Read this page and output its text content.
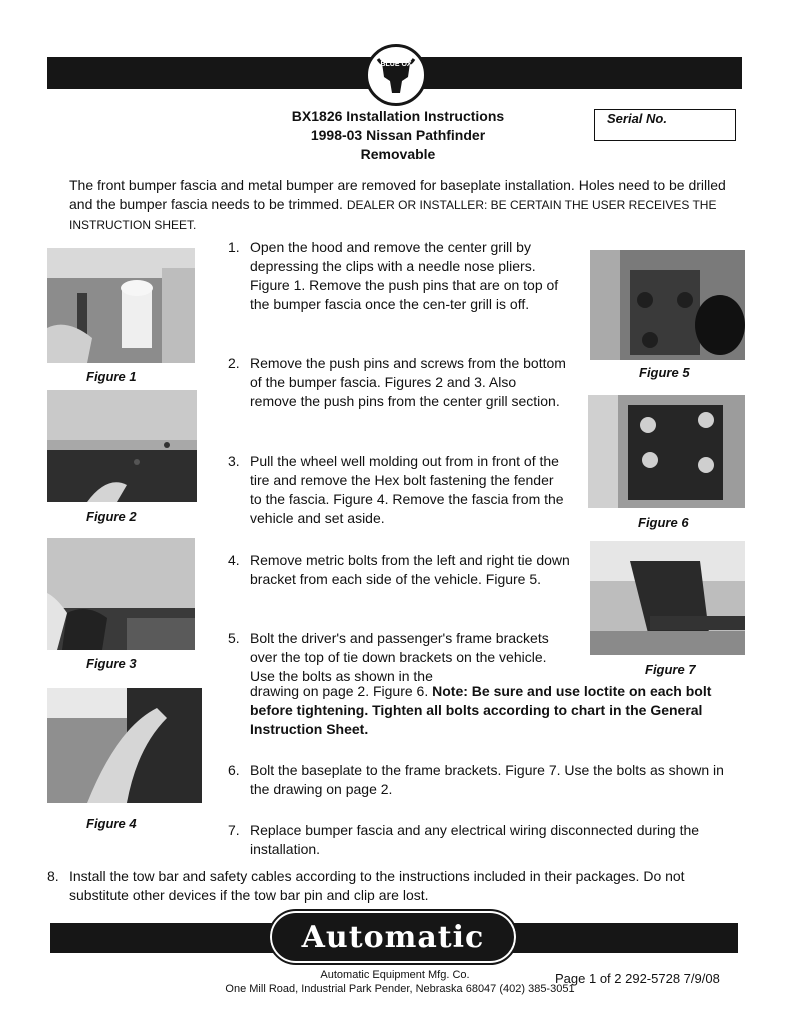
BLUE OX
BX1826 Installation Instructions
1998-03 Nissan Pathfinder
Removable
Serial No.
The front bumper fascia and metal bumper are removed for baseplate installation. Holes need to be drilled and the bumper fascia needs to be trimmed. DEALER OR INSTALLER: BE CERTAIN THE USER RECEIVES THE INSTRUCTION SHEET.
Figure 1
Figure 2
Figure 3
Figure 4
Figure 5
Figure 6
Figure 7
1. Open the hood and remove the center grill by depressing the clips with a needle nose pliers. Figure 1. Remove the push pins that are on top of the bumper fascia once the cen-ter grill is off.
2. Remove the push pins and screws from the bottom of the bumper fascia. Figures 2 and 3. Also remove the push pins from the center grill section.
3. Pull the wheel well molding out from in front of the tire and remove the Hex bolt fastening the fender to the fascia. Figure 4. Remove the fascia from the vehicle and set aside.
4. Remove metric bolts from the left and right tie down bracket from each side of the vehicle. Figure 5.
5. Bolt the driver's and passenger's frame brackets over the top of tie down brackets on the vehicle. Use the bolts as shown in the
drawing on page 2. Figure 6. Note: Be sure and use loctite on each bolt before tightening. Tighten all bolts according to chart in the General Instruction Sheet.
6. Bolt the baseplate to the frame brackets. Figure 7. Use the bolts as shown in the drawing on page 2.
7. Replace bumper fascia and any electrical wiring disconnected during the installation.
8. Install the tow bar and safety cables according to the instructions included in their packages. Do not substitute other devices if the tow bar pin and clip are lost.
Automatic
Automatic Equipment Mfg. Co.
One Mill Road, Industrial Park Pender, Nebraska 68047 (402) 385-3051
Page 1 of 2 292-5728 7/9/08
